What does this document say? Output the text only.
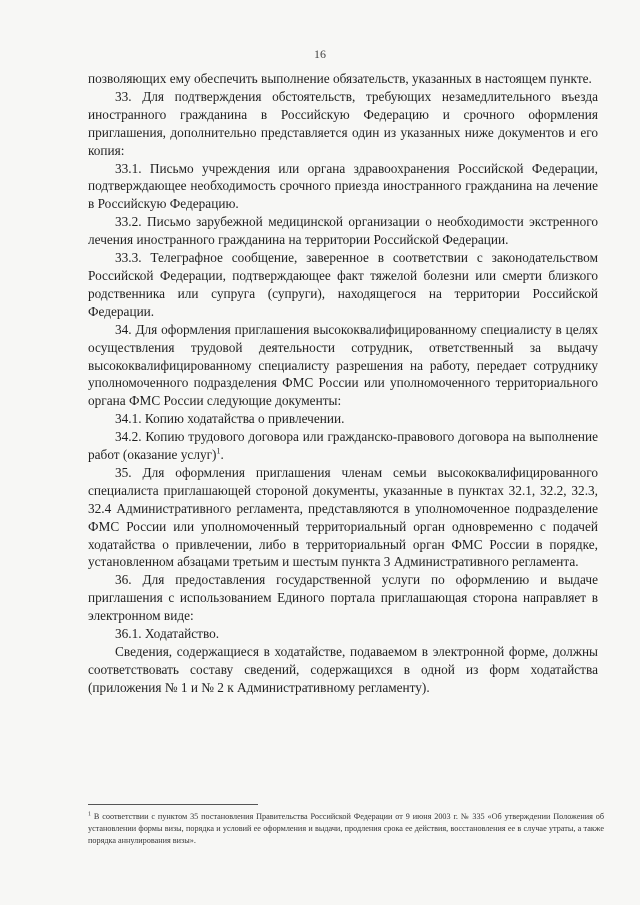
16

позволяющих ему обеспечить выполнение обязательств, указанных в настоящем пункте.

33. Для подтверждения обстоятельств, требующих незамедлительного въезда иностранного гражданина в Российскую Федерацию и срочного оформления приглашения, дополнительно представляется один из указанных ниже документов и его копия:

33.1. Письмо учреждения или органа здравоохранения Российской Федерации, подтверждающее необходимость срочного приезда иностранного гражданина на лечение в Российскую Федерацию.

33.2. Письмо зарубежной медицинской организации о необходимости экстренного лечения иностранного гражданина на территории Российской Федерации.

33.3. Телеграфное сообщение, заверенное в соответствии с законодательством Российской Федерации, подтверждающее факт тяжелой болезни или смерти близкого родственника или супруга (супруги), находящегося на территории Российской Федерации.

34. Для оформления приглашения высококвалифицированному специалисту в целях осуществления трудовой деятельности сотрудник, ответственный за выдачу высококвалифицированному специалисту разрешения на работу, передает сотруднику уполномоченного подразделения ФМС России или уполномоченного территориального органа ФМС России следующие документы:

34.1. Копию ходатайства о привлечении.

34.2. Копию трудового договора или гражданско-правового договора на выполнение работ (оказание услуг)$^1$.

35. Для оформления приглашения членам семьи высококвалифицированного специалиста приглашающей стороной документы, указанные в пунктах 32.1, 32.2, 32.3, 32.4 Административного регламента, представляются в уполномоченное подразделение ФМС России или уполномоченный территориальный орган одновременно с подачей ходатайства о привлечении, либо в территориальный орган ФМС России в порядке, установленном абзацами третьим и шестым пункта 3 Административного регламента.

36. Для предоставления государственной услуги по оформлению и выдаче приглашения с использованием Единого портала приглашающая сторона направляет в электронном виде:

36.1. Ходатайство.

Сведения, содержащиеся в ходатайстве, подаваемом в электронной форме, должны соответствовать составу сведений, содержащихся в одной из форм ходатайства (приложения № 1 и № 2 к Административному регламенту).

$^1$ В соответствии с пунктом 35 постановления Правительства Российской Федерации от 9 июня 2003 г. № 335 «Об утверждении Положения об установлении формы визы, порядка и условий ее оформления и выдачи, продления срока ее действия, восстановления ее в случае утраты, а также порядка аннулирования визы».
